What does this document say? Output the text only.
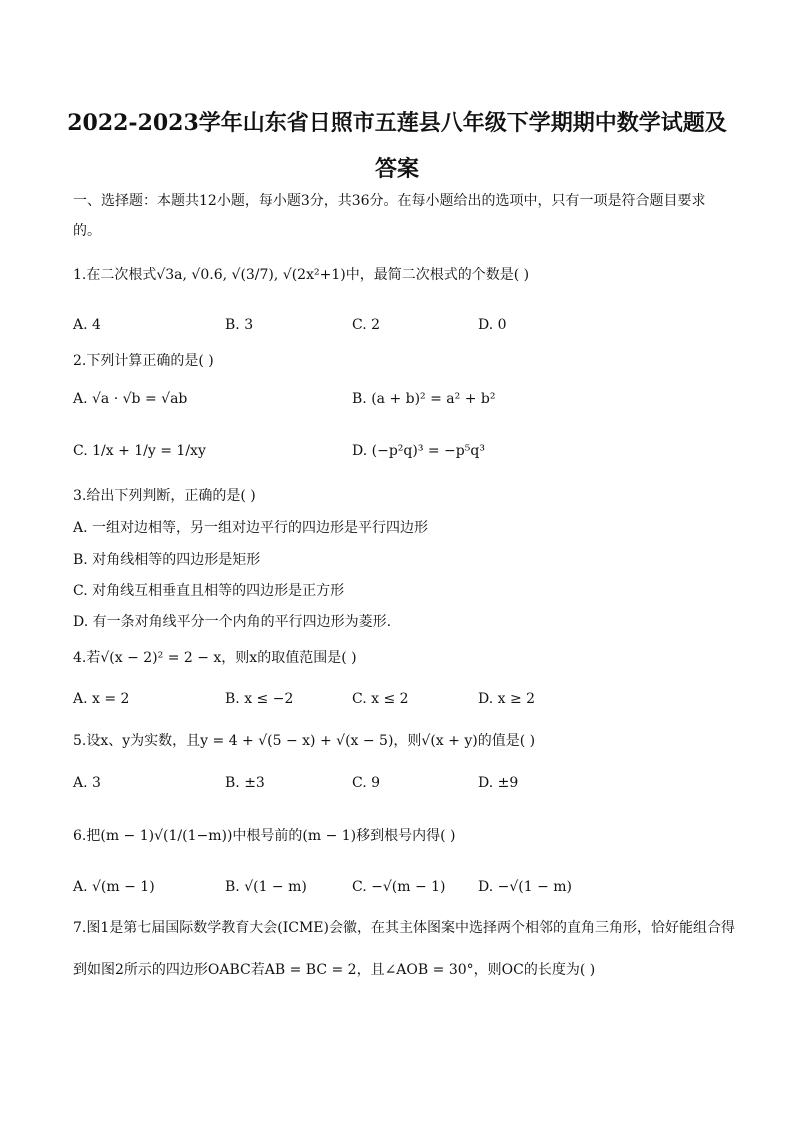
2022-2023学年山东省日照市五莲县八年级下学期期中数学试题及答案

一、选择题：本题共12小题，每小题3分，共36分。在每小题给出的选项中，只有一项是符合题目要求的。

1.在二次根式√3a, √0.6, √(3/7), √(2x²+1)中，最简二次根式的个数是( )

A. 4	B. 3	C. 2	D. 0

2.下列计算正确的是( )

A. √a · √b = √ab	B. (a + b)² = a² + b²
C. 1/x + 1/y = 1/xy	D. (−p²q)³ = −p⁵q³

3.给出下列判断，正确的是( )

A. 一组对边相等，另一组对边平行的四边形是平行四边形
B. 对角线相等的四边形是矩形
C. 对角线互相垂直且相等的四边形是正方形
D. 有一条对角线平分一个内角的平行四边形为菱形.

4.若√(x − 2)² = 2 − x，则x的取值范围是( )

A. x = 2	B. x ≤ −2	C. x ≤ 2	D. x ≥ 2

5.设x、y为实数，且y = 4 + √(5 − x) + √(x − 5)，则√(x + y)的值是( )

A. 3	B. ±3	C. 9	D. ±9

6.把(m − 1)√(1/(1−m))中根号前的(m − 1)移到根号内得( )

A. √(m − 1)	B. √(1 − m)	C. −√(m − 1) D. −√(1 − m)

7.图1是第七届国际数学教育大会(ICME)会徽，在其主体图案中选择两个相邻的直角三角形，恰好能组合得

到如图2所示的四边形OABC若AB = BC = 2，且∠AOB = 30°，则OC的长度为( )
